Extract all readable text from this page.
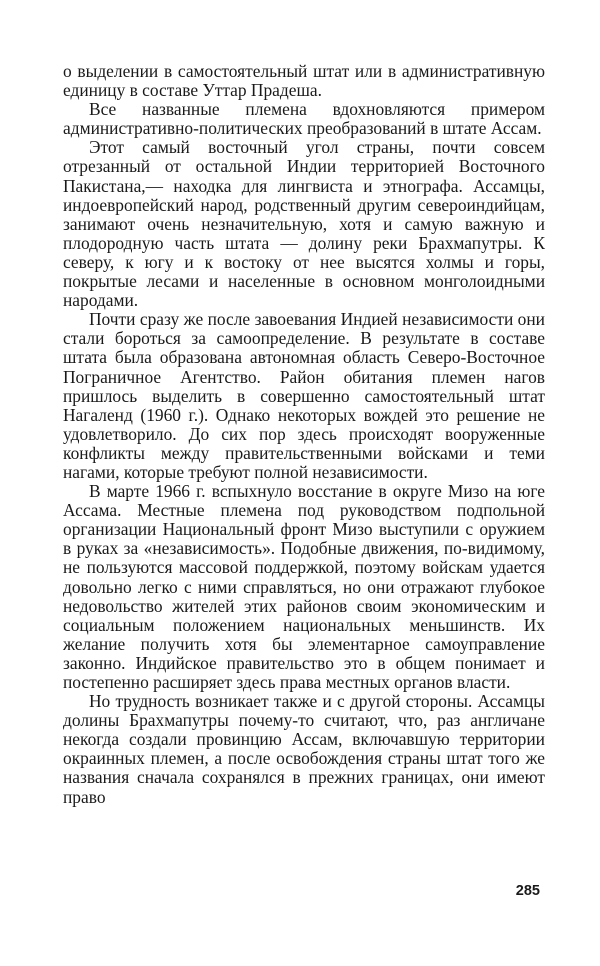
о выделении в самостоятельный штат или в административную единицу в составе Уттар Прадеша.

Все названные племена вдохновляются примером административно-политических преобразований в штате Ассам.

Этот самый восточный угол страны, почти совсем отрезанный от остальной Индии территорией Восточного Пакистана,— находка для лингвиста и этнографа. Ассамцы, индоевропейский народ, родственный другим североиндийцам, занимают очень незначительную, хотя и самую важную и плодородную часть штата — долину реки Брахмапутры. К северу, к югу и к востоку от нее высятся холмы и горы, покрытые лесами и населенные в основном монголоидными народами.

Почти сразу же после завоевания Индией независимости они стали бороться за самоопределение. В результате в составе штата была образована автономная область Северо-Восточное Пограничное Агентство. Район обитания племен нагов пришлось выделить в совершенно самостоятельный штат Нагаленд (1960 г.). Однако некоторых вождей это решение не удовлетворило. До сих пор здесь происходят вооруженные конфликты между правительственными войсками и теми нагами, которые требуют полной независимости.

В марте 1966 г. вспыхнуло восстание в округе Мизо на юге Ассама. Местные племена под руководством подпольной организации Национальный фронт Мизо выступили с оружием в руках за «независимость». Подобные движения, по-видимому, не пользуются массовой поддержкой, поэтому войскам удается довольно легко с ними справляться, но они отражают глубокое недовольство жителей этих районов своим экономическим и социальным положением национальных меньшинств. Их желание получить хотя бы элементарное самоуправление законно. Индийское правительство это в общем понимает и постепенно расширяет здесь права местных органов власти.

Но трудность возникает также и с другой стороны. Ассамцы долины Брахмапутры почему-то считают, что, раз англичане некогда создали провинцию Ассам, включавшую территории окраинных племен, а после освобождения страны штат того же названия сначала сохранялся в прежних границах, они имеют право

285
